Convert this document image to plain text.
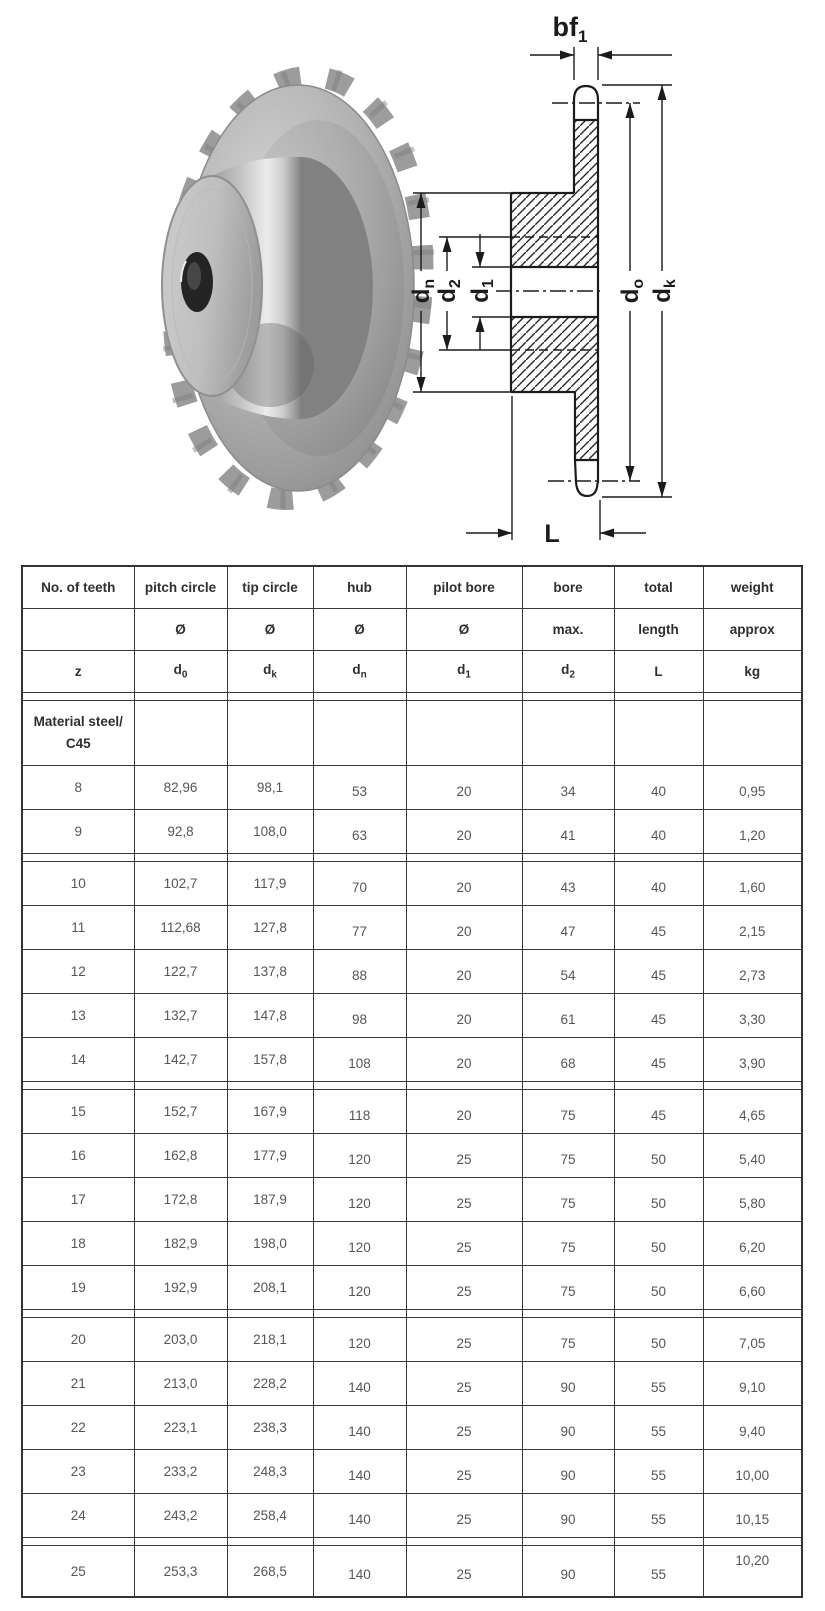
$bf_1$
$d_n$
$d_2$
$d_1$
$d_o$
$d_k$
L
No. of teeth	pitch circle	tip circle	hub	pilot bore	bore	total	weight
	Ø	Ø	Ø	Ø	max.	length	approx
z	$d_0$	$d_k$	$d_n$	$d_1$	$d_2$	L	kg

Material steel/
C45							
8	82,96	98,1	53	20	34	40	0,95
9	92,8	108,0	63	20	41	40	1,20

10	102,7	117,9	70	20	43	40	1,60
11	112,68	127,8	77	20	47	45	2,15
12	122,7	137,8	88	20	54	45	2,73
13	132,7	147,8	98	20	61	45	3,30
14	142,7	157,8	108	20	68	45	3,90

15	152,7	167,9	118	20	75	45	4,65
16	162,8	177,9	120	25	75	50	5,40
17	172,8	187,9	120	25	75	50	5,80
18	182,9	198,0	120	25	75	50	6,20
19	192,9	208,1	120	25	75	50	6,60

20	203,0	218,1	120	25	75	50	7,05
21	213,0	228,2	140	25	90	55	9,10
22	223,1	238,3	140	25	90	55	9,40
23	233,2	248,3	140	25	90	55	10,00
24	243,2	258,4	140	25	90	55	10,15

25	253,3	268,5	140	25	90	55	10,20
